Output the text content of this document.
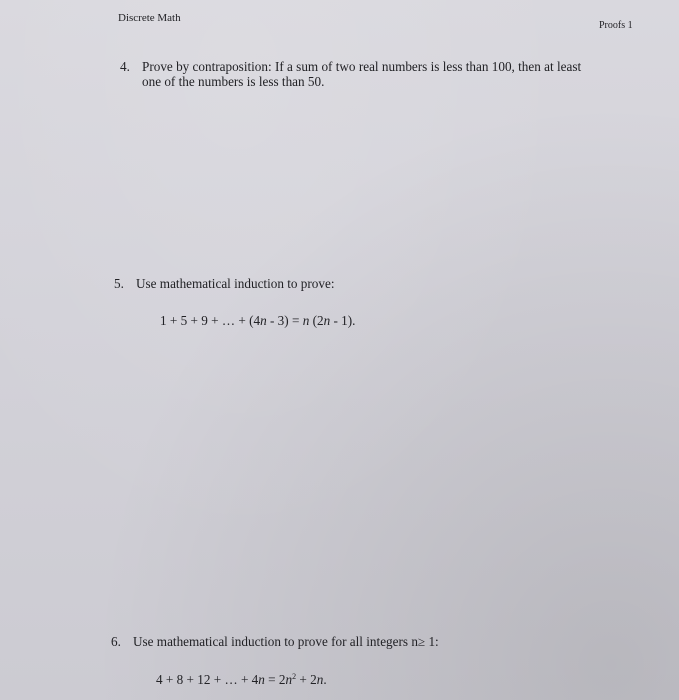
Discrete Math
Proofs 1
4. Prove by contraposition: If a sum of two real numbers is less than 100, then at least
one of the numbers is less than 50.
5. Use mathematical induction to prove:
1 + 5 + 9 + … + (4n - 3) = n (2n - 1).
6. Use mathematical induction to prove for all integers n≥ 1:
4 + 8 + 12 + … + $4n = 2n^2 + 2n$.
